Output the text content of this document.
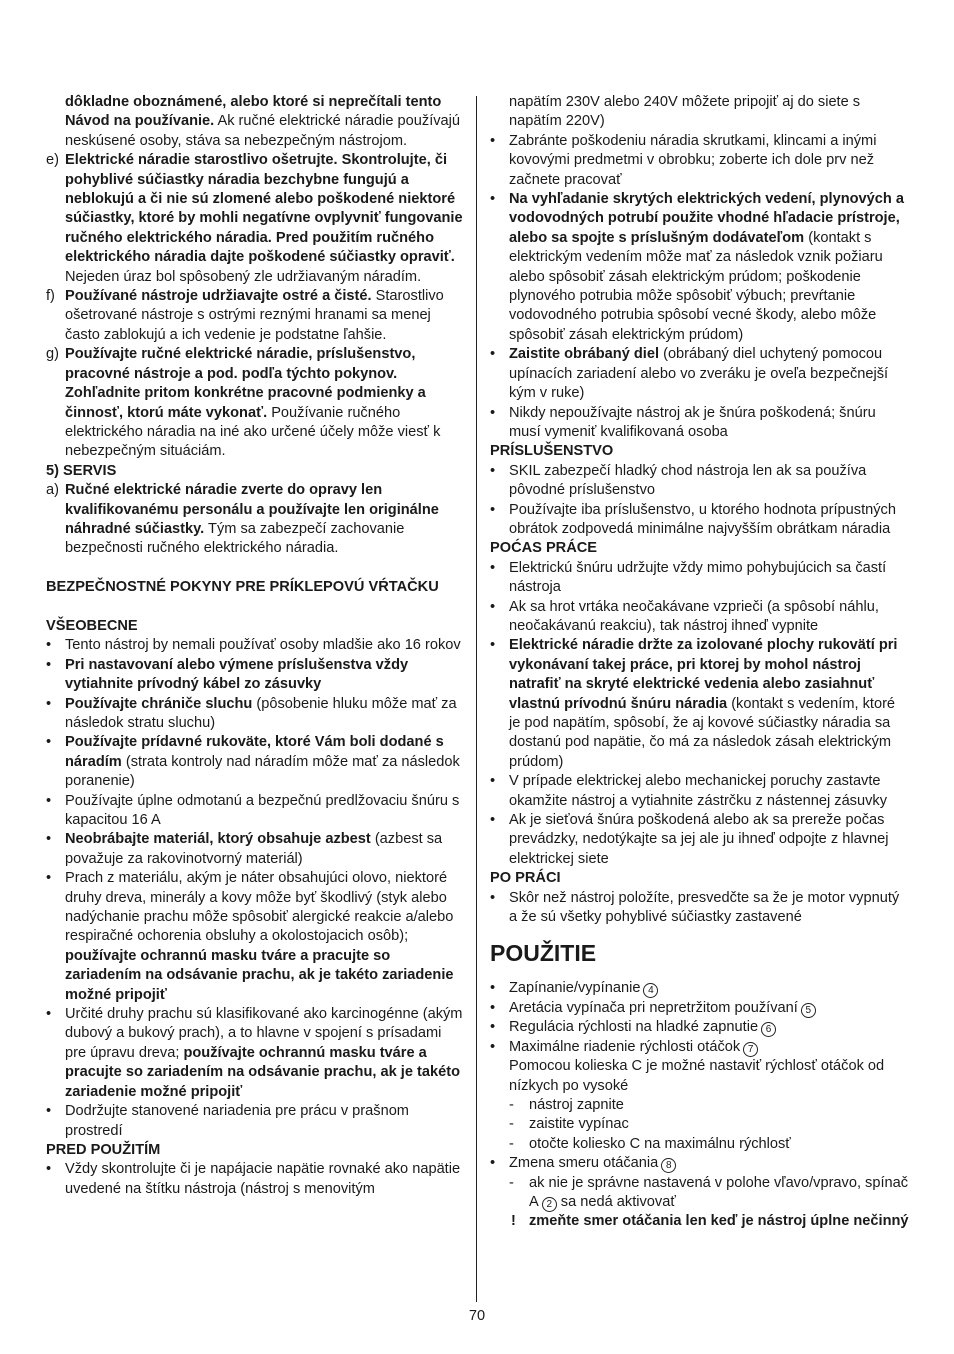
dôkladne oboznámené, alebo ktoré si neprečítali tento Návod na používanie. Ak ručné elektrické náradie používajú neskúsené osoby, stáva sa nebezpečným nástrojom.
e) Elektrické náradie starostlivo ošetrujte. Skontrolujte, či pohyblivé súčiastky náradia bezchybne fungujú a neblokujú a či nie sú zlomené alebo poškodené niektoré súčiastky, ktoré by mohli negatívne ovplyvniť fungovanie ručného elektrického náradia. Pred použitím ručného elektrického náradia dajte poškodené súčiastky opraviť. Nejeden úraz bol spôsobený zle udržiavaným náradím.
f) Používané nástroje udržiavajte ostré a čisté. Starostlivo ošetrované nástroje s ostrými reznými hranami sa menej často zablokujú a ich vedenie je podstatne ľahšie.
g) Používajte ručné elektrické náradie, príslušenstvo, pracovné nástroje a pod. podľa týchto pokynov. Zohľadnite pritom konkrétne pracovné podmienky a činnosť, ktorú máte vykonať. Používanie ručného elektrického náradia na iné ako určené účely môže viesť k nebezpečným situáciám.
5) SERVIS
a) Ručné elektrické náradie zverte do opravy len kvalifikovanému personálu a používajte len originálne náhradné súčiastky. Tým sa zabezpečí zachovanie bezpečnosti ručného elektrického náradia.
BEZPEČNOSTNÉ POKYNY PRE PRÍKLEPOVÚ VŔTAČKU
VŠEOBECNE
• Tento nástroj by nemali používať osoby mladšie ako 16 rokov
• Pri nastavovaní alebo výmene príslušenstva vždy vytiahnite prívodný kábel zo zásuvky
• Používajte chrániče sluchu (pôsobenie hluku môže mať za následok stratu sluchu)
• Používajte prídavné rukoväte, ktoré Vám boli dodané s náradím (strata kontroly nad náradím môže mať za následok poranenie)
• Používajte úplne odmotanú a bezpečnú predlžovaciu šnúru s kapacitou 16 A
• Neobrábajte materiál, ktorý obsahuje azbest (azbest sa považuje za rakovinotvorný materiál)
• Prach z materiálu, akým je náter obsahujúci olovo, niektoré druhy dreva, minerály a kovy môže byť škodlivý (styk alebo nadýchanie prachu môže spôsobiť alergické reakcie a/alebo respiračné ochorenia obsluhy a okolostojacich osôb); používajte ochrannú masku tváre a pracujte so zariadením na odsávanie prachu, ak je takéto zariadenie možné pripojiť
• Určité druhy prachu sú klasifikované ako karcinogénne (akým dubový a bukový prach), a to hlavne v spojení s prísadami pre úpravu dreva; používajte ochrannú masku tváre a pracujte so zariadením na odsávanie prachu, ak je takéto zariadenie možné pripojiť
• Dodržujte stanovené nariadenia pre prácu v prašnom prostredí
PRED POUŽITÍM
• Vždy skontrolujte či je napájacie napätie rovnaké ako napätie uvedené na štítku nástroja (nástroj s menovitým
napätím 230V alebo 240V môžete pripojiť aj do siete s napätím 220V)
• Zabránte poškodeniu náradia skrutkami, klincami a inými kovovými predmetmi v obrobku; zoberte ich dole prv než začnete pracovať
• Na vyhľadanie skrytých elektrických vedení, plynových a vodovodných potrubí použite vhodné hľadacie prístroje, alebo sa spojte s príslušným dodávateľom (kontakt s elektrickým vedením môže mať za následok vznik požiaru alebo spôsobiť zásah elektrickým prúdom; poškodenie plynového potrubia môže spôsobiť výbuch; prevŕtanie vodovodného potrubia spôsobí vecné škody, alebo môže spôsobiť zásah elektrickým prúdom)
• Zaistite obrábaný diel (obrábaný diel uchytený pomocou upínacích zariadení alebo vo zveráku je oveľa bezpečnejší kým v ruke)
• Nikdy nepoužívajte nástroj ak je šnúra poškodená; šnúru musí vymeniť kvalifikovaná osoba
PRÍSLUŠENSTVO
• SKIL zabezpečí hladký chod nástroja len ak sa používa pôvodné príslušenstvo
• Používajte iba príslušenstvo, u ktorého hodnota prípustných obrátok zodpovedá minimálne najvyšším obrátkam náradia
POĆAS PRÁCE
• Elektrickú šnúru udržujte vždy mimo pohybujúcich sa častí nástroja
• Ak sa hrot vrtáka neočakávane vzprieči (a spôsobí náhlu, neočakávanú reakciu), tak nástroj ihneď vypnite
• Elektrické náradie držte za izolované plochy rukovätí pri vykonávaní takej práce, pri ktorej by mohol nástroj natrafiť na skryté elektrické vedenia alebo zasiahnuť vlastnú prívodnú šnúru náradia (kontakt s vedením, ktoré je pod napätím, spôsobí, že aj kovové súčiastky náradia sa dostanú pod napätie, čo má za následok zásah elektrickým prúdom)
• V prípade elektrickej alebo mechanickej poruchy zastavte okamžite nástroj a vytiahnite zástrčku z nástennej zásuvky
• Ak je sieťová šnúra poškodená alebo ak sa prereže počas prevádzky, nedotýkajte sa jej ale ju ihneď odpojte z hlavnej elektrickej siete
PO PRÁCI
• Skôr než nástroj položíte, presvedčte sa že je motor vypnutý a že sú všetky pohyblivé súčiastky zastavené
POUŽITIE
• Zapínanie/vypínanie 4
• Aretácia vypínača pri nepretržitom používaní 5
• Regulácia rýchlosti na hladké zapnutie 6
• Maximálne riadenie rýchlosti otáčok 7
Pomocou kolieska C je možné nastaviť rýchlosť otáčok od nízkych po vysoké
- nástroj zapnite
- zaistite vypínac
- otočte koliesko C na maximálnu rýchlosť
• Zmena smeru otáčania 8
- ak nie je správne nastavená v polohe vľavo/vpravo, spínač A 2 sa nedá aktivovať
! zmeňte smer otáčania len keď je nástroj úplne nečinný
70
